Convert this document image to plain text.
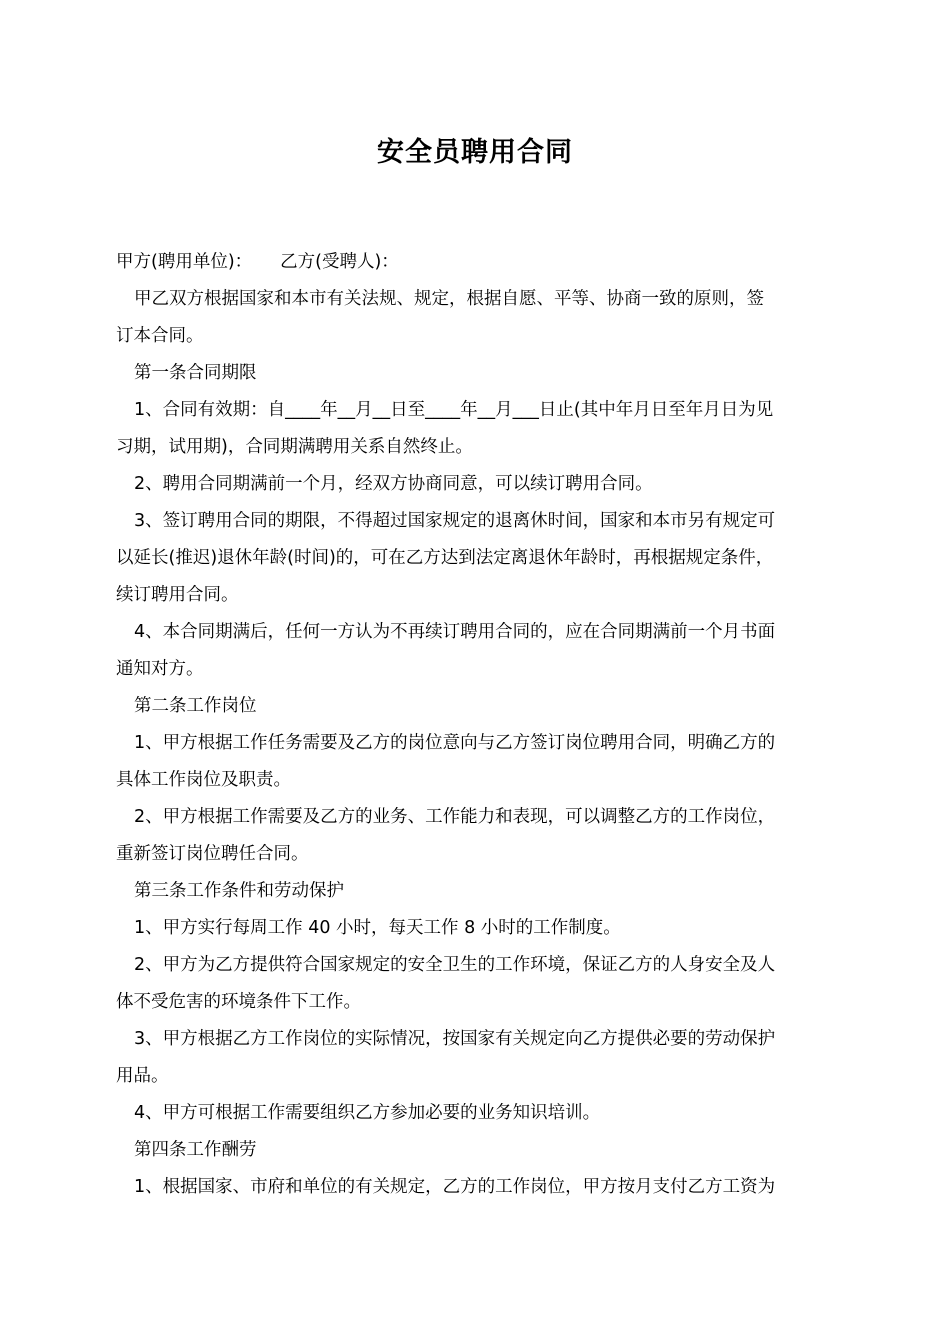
安全员聘用合同

甲方(聘用单位)： 乙方(受聘人)：

甲乙双方根据国家和本市有关法规、规定，根据自愿、平等、协商一致的原则，签

订本合同。

第一条合同期限

1、合同有效期：自____年__月__日至____年__月___日止(其中年月日至年月日为见

习期，试用期)，合同期满聘用关系自然终止。

2、聘用合同期满前一个月，经双方协商同意，可以续订聘用合同。

3、签订聘用合同的期限，不得超过国家规定的退离休时间，国家和本市另有规定可

以延长(推迟)退休年龄(时间)的，可在乙方达到法定离退休年龄时，再根据规定条件，

续订聘用合同。

4、本合同期满后，任何一方认为不再续订聘用合同的，应在合同期满前一个月书面

通知对方。

第二条工作岗位

1、甲方根据工作任务需要及乙方的岗位意向与乙方签订岗位聘用合同，明确乙方的

具体工作岗位及职责。

2、甲方根据工作需要及乙方的业务、工作能力和表现，可以调整乙方的工作岗位，

重新签订岗位聘任合同。

第三条工作条件和劳动保护

1、甲方实行每周工作 40 小时，每天工作 8 小时的工作制度。

2、甲方为乙方提供符合国家规定的安全卫生的工作环境，保证乙方的人身安全及人

体不受危害的环境条件下工作。

3、甲方根据乙方工作岗位的实际情况，按国家有关规定向乙方提供必要的劳动保护

用品。

4、甲方可根据工作需要组织乙方参加必要的业务知识培训。

第四条工作酬劳

1、根据国家、市府和单位的有关规定，乙方的工作岗位，甲方按月支付乙方工资为
